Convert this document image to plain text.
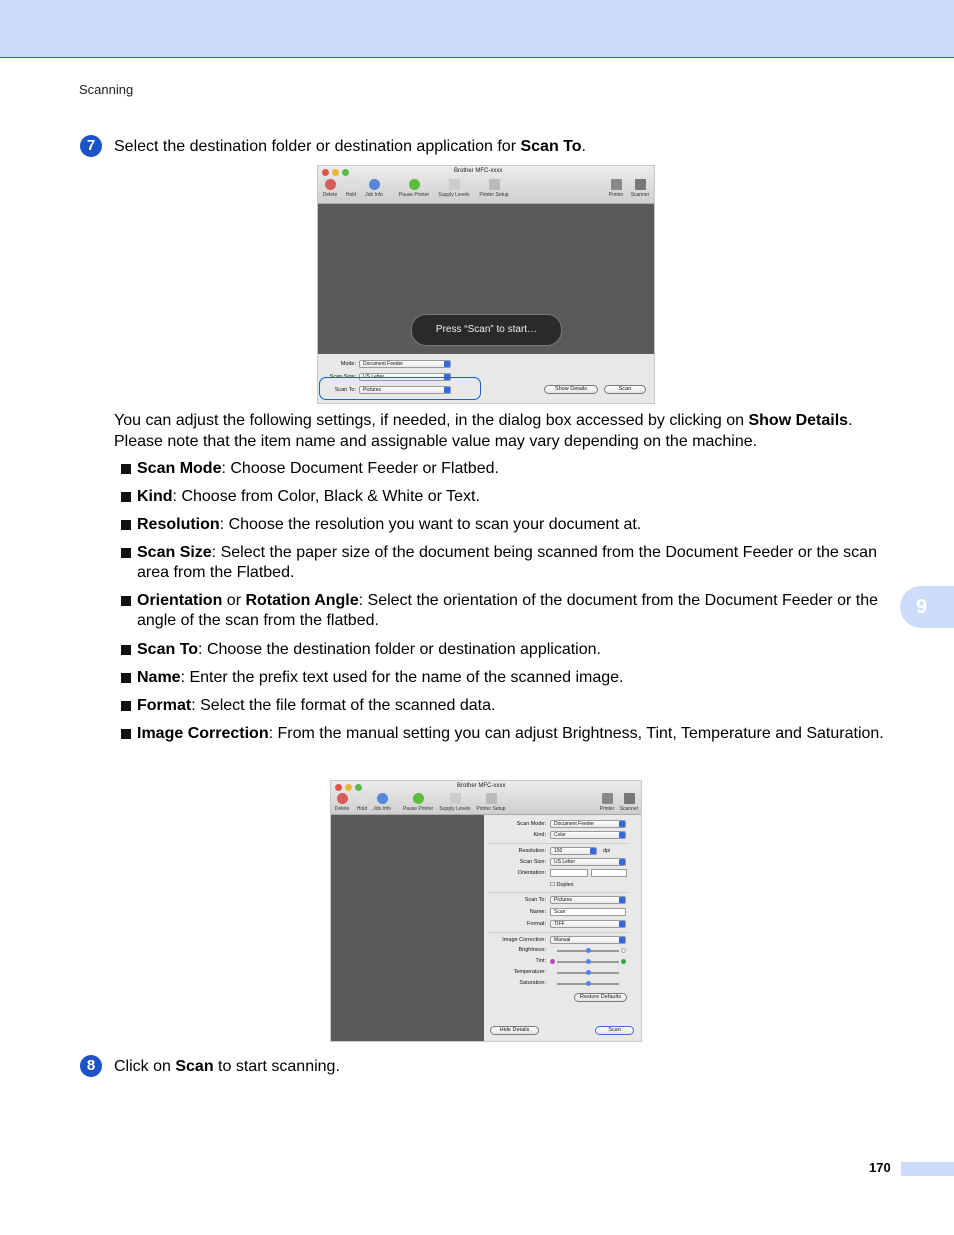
Scanning
7	Select the destination folder or destination application for Scan To.
Brother MFC-xxxx
Delete	Hold	Job Info	Pause Printer	Supply Levels	Printer Setup	Printer	Scanner
Press “Scan” to start…
Mode:	Document Feeder
Scan Size:	US Letter
Scan To:	Pictures	Show Details	Scan
You can adjust the following settings, if needed, in the dialog box accessed by clicking on Show Details. Please note that the item name and assignable value may vary depending on the machine.
Scan Mode: Choose Document Feeder or Flatbed.
Kind: Choose from Color, Black & White or Text.
Resolution: Choose the resolution you want to scan your document at.
Scan Size: Select the paper size of the document being scanned from the Document Feeder or the scan area from the Flatbed.
Orientation or Rotation Angle: Select the orientation of the document from the Document Feeder or the angle of the scan from the flatbed.
Scan To: Choose the destination folder or destination application.
Name: Enter the prefix text used for the name of the scanned image.
Format: Select the file format of the scanned data.
Image Correction: From the manual setting you can adjust Brightness, Tint, Temperature and Saturation.
9
Brother MFC-xxxx
Delete	Hold	Job Info	Pause Printer	Supply Levels	Printer Setup	Printer	Scanner
Scan Mode:	Document Feeder
Kind:	Color
Resolution:	150	dpi
Scan Size:	US Letter
Orientation:
☐ Duplex
Scan To:	Pictures
Name:	Scan
Format:	TIFF
Image Correction:	Manual
Brightness:
Tint:
Temperature:
Saturation:
Restore Defaults
Hide Details	Scan
8	Click on Scan to start scanning.
170
